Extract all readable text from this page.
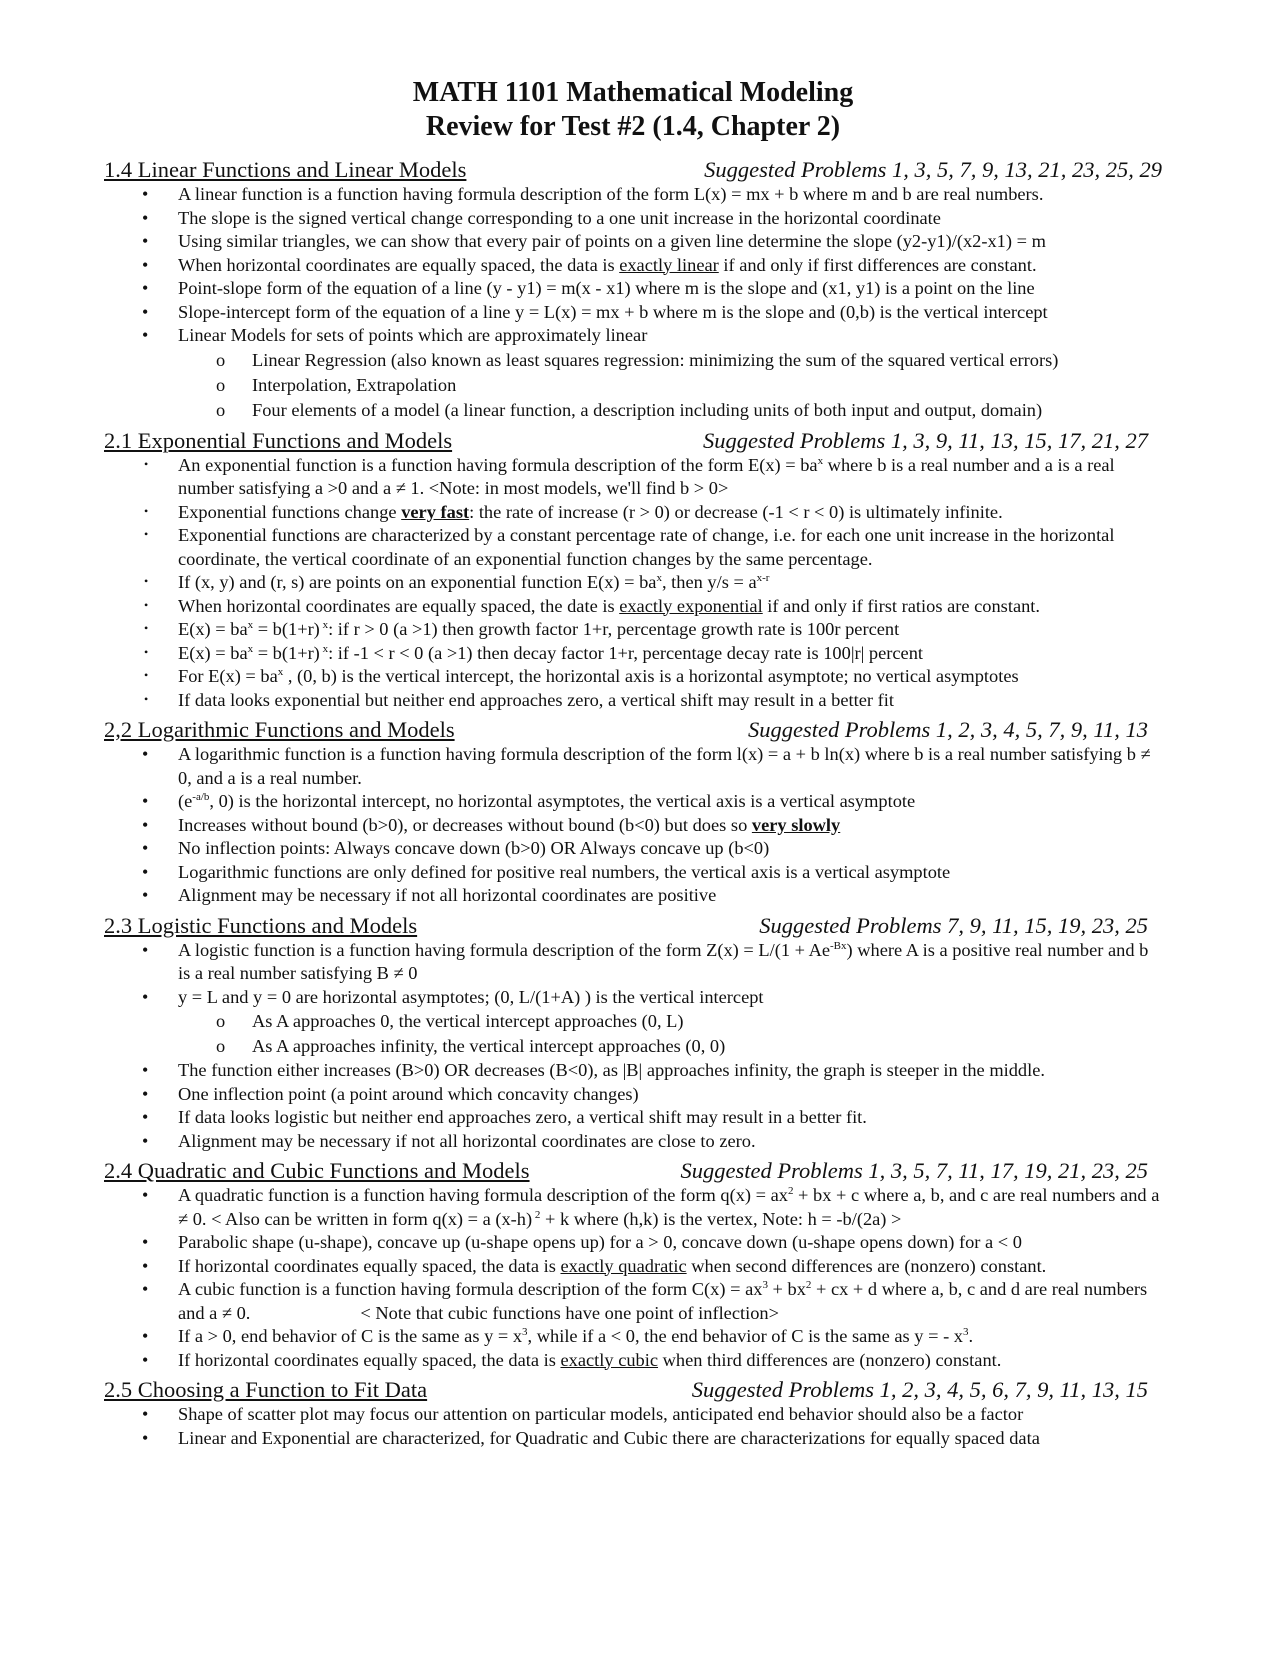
MATH 1101 Mathematical Modeling
Review for Test #2 (1.4, Chapter 2)
1.4 Linear Functions and Linear Models	Suggested Problems 1, 3, 5, 7, 9, 13, 21, 23, 25, 29
• A linear function is a function having formula description of the form L(x) = mx + b where m and b are real numbers.
• The slope is the signed vertical change corresponding to a one unit increase in the horizontal coordinate
• Using similar triangles, we can show that every pair of points on a given line determine the slope (y2-y1)/(x2-x1) = m
• When horizontal coordinates are equally spaced, the data is exactly linear if and only if first differences are constant.
• Point-slope form of the equation of a line (y - y1) = m(x - x1) where m is the slope and (x1, y1) is a point on the line
• Slope-intercept form of the equation of a line y = L(x) = mx + b where m is the slope and (0,b) is the vertical intercept
• Linear Models for sets of points which are approximately linear
o Linear Regression (also known as least squares regression: minimizing the sum of the squared vertical errors)
o Interpolation, Extrapolation
o Four elements of a model (a linear function, a description including units of both input and output, domain)
2.1 Exponential Functions and Models	Suggested Problems 1, 3, 9, 11, 13, 15, 17, 21, 27
• An exponential function is a function having formula description of the form $E(x) = ba^x$ where b is a real number and a is a real number satisfying a >0 and a ≠ 1. <Note: in most models, we'll find b > 0>
• Exponential functions change very fast: the rate of increase (r > 0) or decrease (-1 < r < 0) is ultimately infinite.
• Exponential functions are characterized by a constant percentage rate of change, i.e. for each one unit increase in the horizontal coordinate, the vertical coordinate of an exponential function changes by the same percentage.
• If (x, y) and (r, s) are points on an exponential function $E(x) = ba^x$, then $y/s = a^{x-r}$
• When horizontal coordinates are equally spaced, the date is exactly exponential if and only if first ratios are constant.
• $E(x) = ba^x = b(1+r)$ $^x$: if r > 0 (a >1) then growth factor 1+r, percentage growth rate is 100r percent
• $E(x) = ba^x = b(1+r)$ $^x$: if -1 < r < 0 (a >1) then decay factor 1+r, percentage decay rate is 100|r| percent
• For $E(x) = ba^x$ , (0, b) is the vertical intercept, the horizontal axis is a horizontal asymptote; no vertical asymptotes
• If data looks exponential but neither end approaches zero, a vertical shift may result in a better fit
2,2 Logarithmic Functions and Models	Suggested Problems 1, 2, 3, 4, 5, 7, 9, 11, 13
• A logarithmic function is a function having formula description of the form l(x) = a + b ln(x) where b is a real number satisfying b ≠ 0, and a is a real number.
• ($e^{-a/b}$, 0) is the horizontal intercept, no horizontal asymptotes, the vertical axis is a vertical asymptote
• Increases without bound (b>0), or decreases without bound (b<0) but does so very slowly
• No inflection points: Always concave down (b>0) OR Always concave up (b<0)
• Logarithmic functions are only defined for positive real numbers, the vertical axis is a vertical asymptote
• Alignment may be necessary if not all horizontal coordinates are positive
2.3 Logistic Functions and Models	Suggested Problems 7, 9, 11, 15, 19, 23, 25
• A logistic function is a function having formula description of the form $Z(x) = L/(1 + Ae^{-Bx})$ where A is a positive real number and b is a real number satisfying B ≠ 0
• y = L and y = 0 are horizontal asymptotes; (0, L/(1+A) ) is the vertical intercept
o As A approaches 0, the vertical intercept approaches (0, L)
o As A approaches infinity, the vertical intercept approaches (0, 0)
• The function either increases (B>0) OR decreases (B<0), as |B| approaches infinity, the graph is steeper in the middle.
• One inflection point (a point around which concavity changes)
• If data looks logistic but neither end approaches zero, a vertical shift may result in a better fit.
• Alignment may be necessary if not all horizontal coordinates are close to zero.
2.4 Quadratic and Cubic Functions and Models	Suggested Problems 1, 3, 5, 7, 11, 17, 19, 21, 23, 25
• A quadratic function is a function having formula description of the form $q(x) = ax^2$ + bx + c where a, b, and c are real numbers and a ≠ 0. < Also can be written in form q(x) = a (x-h) $^2$ + k where (h,k) is the vertex, Note: h = -b/(2a) >
• Parabolic shape (u-shape), concave up (u-shape opens up) for a > 0, concave down (u-shape opens down) for a < 0
• If horizontal coordinates equally spaced, the data is exactly quadratic when second differences are (nonzero) constant.
• A cubic function is a function having formula description of the form $C(x) = ax^3 + bx^2$ + cx + d where a, b, c and d are real numbers and a ≠ 0.	< Note that cubic functions have one point of inflection>
• If a > 0, end behavior of C is the same as $y = x^3$, while if a < 0, the end behavior of C is the same as y = - $x^3$.
• If horizontal coordinates equally spaced, the data is exactly cubic when third differences are (nonzero) constant.
2.5 Choosing a Function to Fit Data	Suggested Problems 1, 2, 3, 4, 5, 6, 7, 9, 11, 13, 15
• Shape of scatter plot may focus our attention on particular models, anticipated end behavior should also be a factor
• Linear and Exponential are characterized, for Quadratic and Cubic there are characterizations for equally spaced data
